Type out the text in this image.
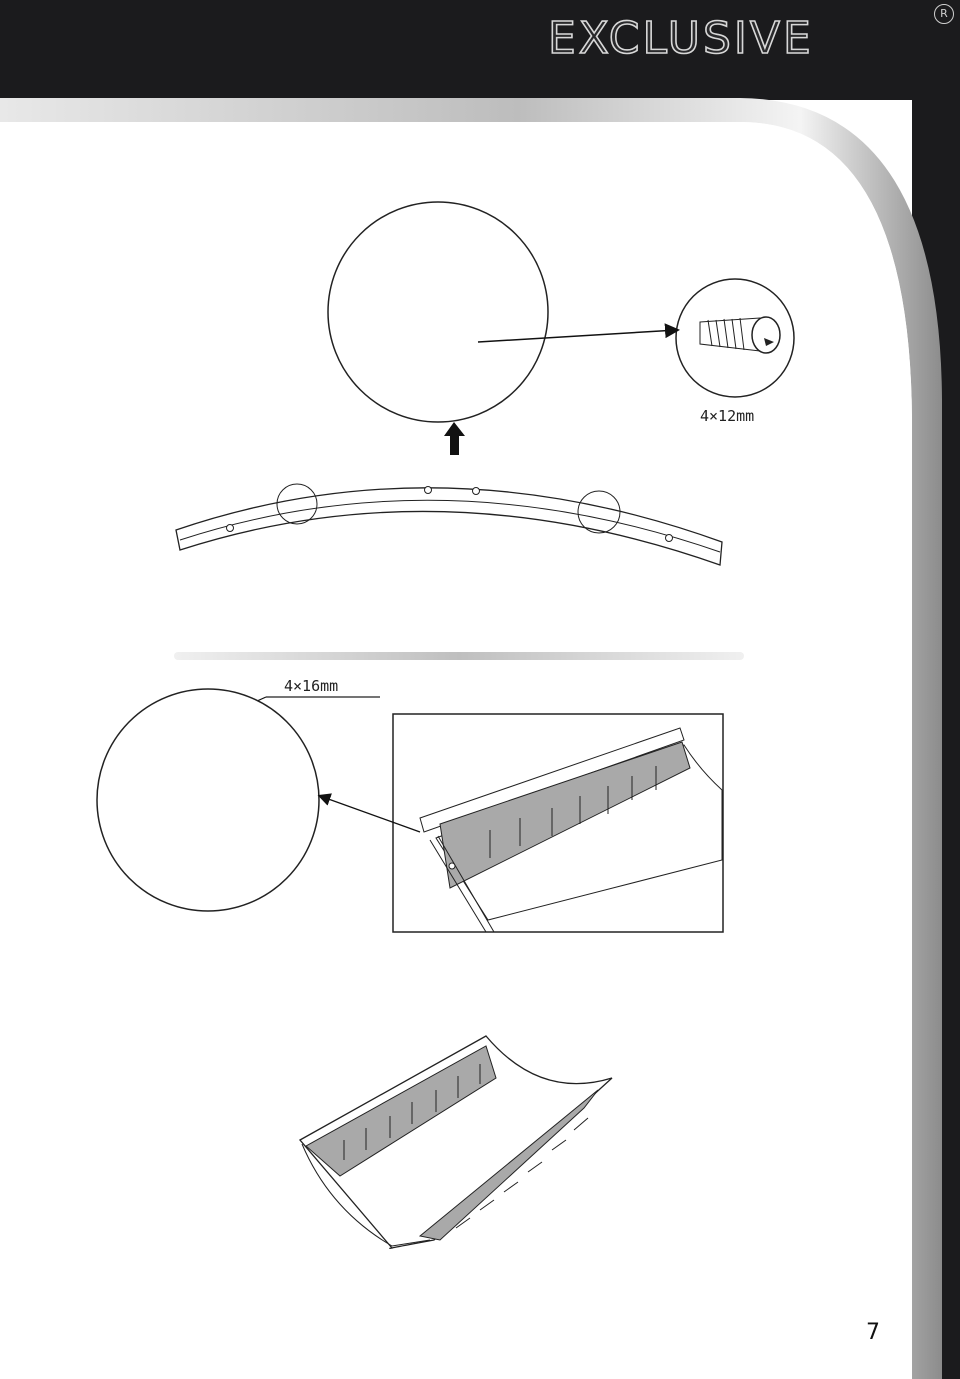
EXCLUSIVE	R
4×12mm
4×16mm
7
